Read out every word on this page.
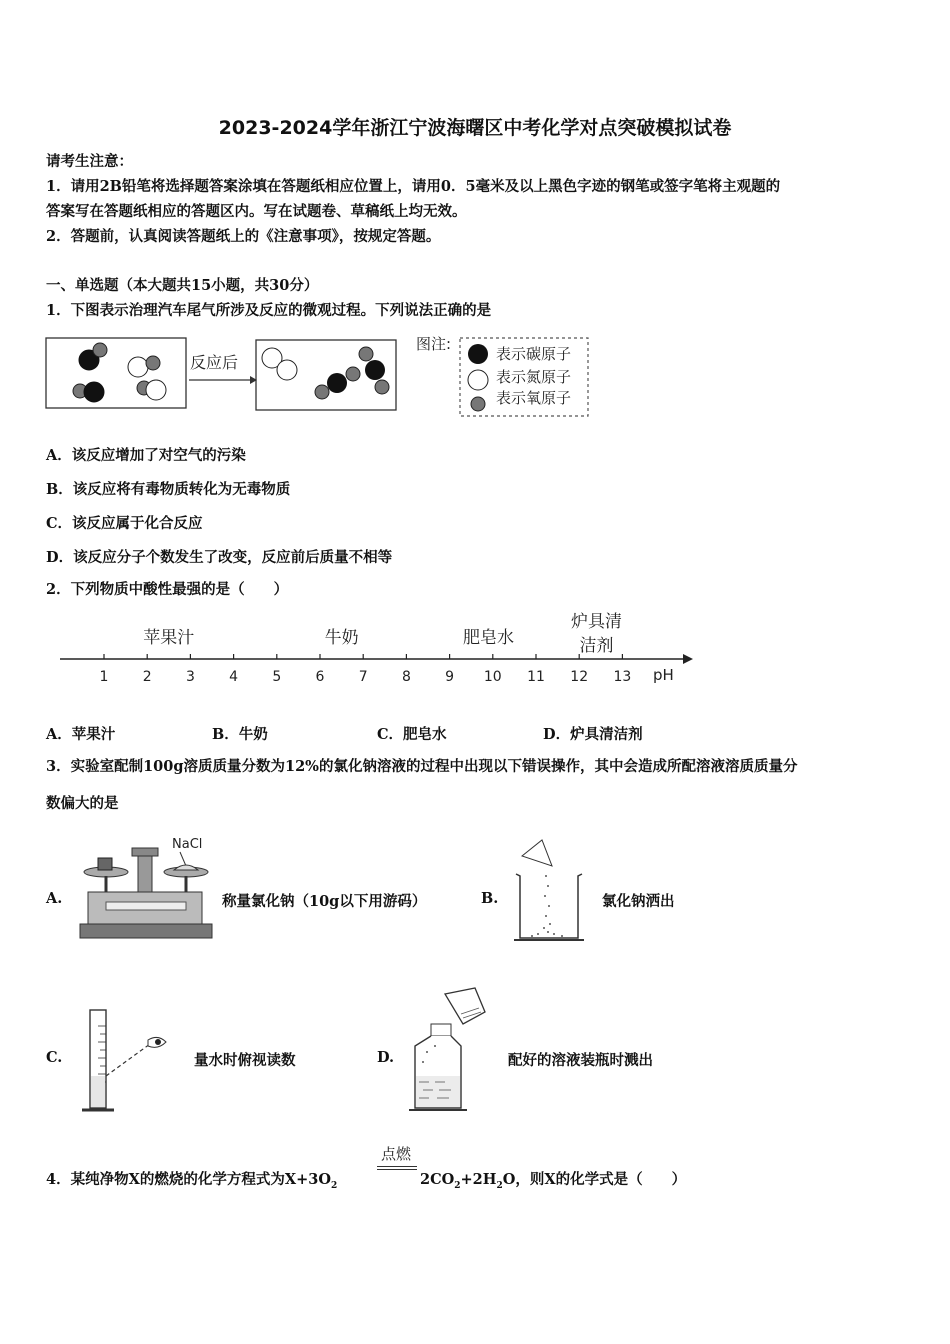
2023-2024学年浙江宁波海曙区中考化学对点突破模拟试卷
请考生注意：
1．请用2B铅笔将选择题答案涂填在答题纸相应位置上，请用0．5毫米及以上黑色字迹的钢笔或签字笔将主观题的
答案写在答题纸相应的答题区内。写在试题卷、草稿纸上均无效。
2．答题前，认真阅读答题纸上的《注意事项》，按规定答题。
一、单选题（本大题共15小题，共30分）
1．下图表示治理汽车尾气所涉及反应的微观过程。下列说法正确的是
反应后
图注:
表示碳原子
表示氮原子
表示氧原子
A．该反应增加了对空气的污染
B．该反应将有毒物质转化为无毒物质
C．该反应属于化合反应
D．该反应分子个数发生了改变，反应前后质量不相等
2．下列物质中酸性最强的是（　　）
1 2 3 4 5 6 7 8 9 10 11 12 13
苹果汁	牛奶	肥皂水	洁剂
炉具清
pH
A．苹果汁	B．牛奶	C．肥皂水	D．炉具清洁剂
3．实验室配制100g溶质质量分数为12%的氯化钠溶液的过程中出现以下错误操作，其中会造成所配溶液溶质质量分
数偏大的是
A.
NaCl
称量氯化钠（10g以下用游码）	B.	氯化钠洒出
C.	量水时俯视读数	D.	配好的溶液装瓶时溅出
4．某纯净物X的燃烧的化学方程式为$X+3O_2$
点燃
$2CO_2+2H_2O$，则X的化学式是（　　）
